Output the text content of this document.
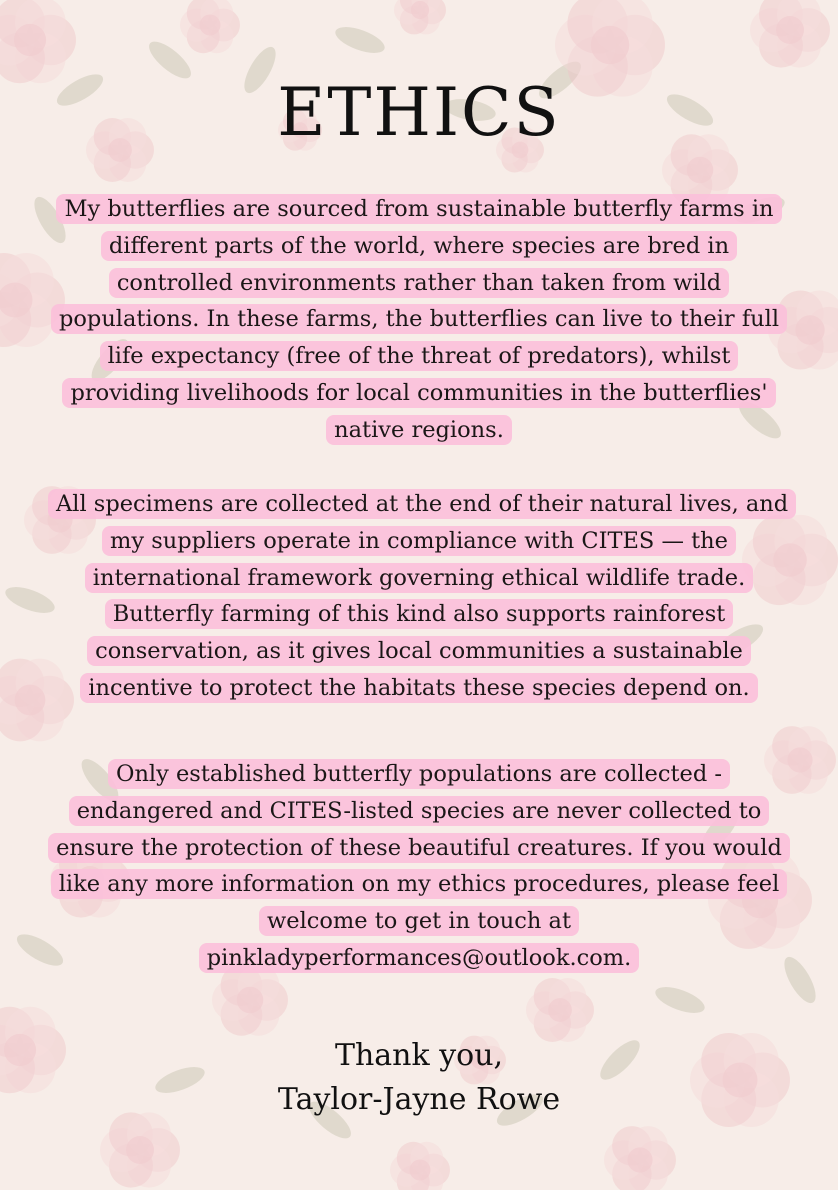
ETHICS

My butterflies are sourced from sustainable butterfly farms in different parts of the world, where species are bred in controlled environments rather than taken from wild populations. In these farms, the butterflies can live to their full life expectancy (free of the threat of predators), whilst providing livelihoods for local communities in the butterflies' native regions.

All specimens are collected at the end of their natural lives, and my suppliers operate in compliance with CITES — the international framework governing ethical wildlife trade. Butterfly farming of this kind also supports rainforest conservation, as it gives local communities a sustainable incentive to protect the habitats these species depend on.

Only established butterfly populations are collected - endangered and CITES-listed species are never collected to ensure the protection of these beautiful creatures. If you would like any more information on my ethics procedures, please feel welcome to get in touch at pinkladyperformances@outlook.com.

Thank you,
Taylor-Jayne Rowe
